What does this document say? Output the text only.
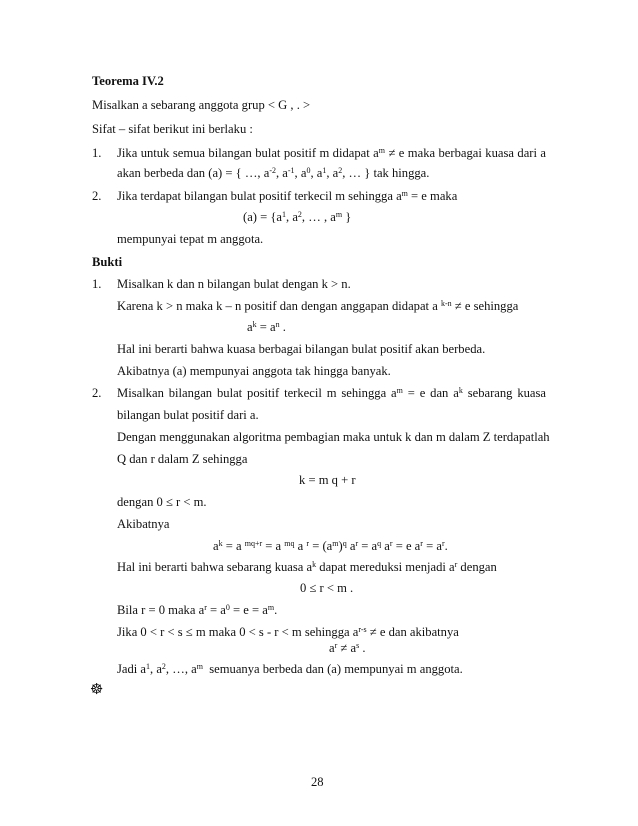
Teorema IV.2
Misalkan a sebarang anggota grup < G , . >
Sifat – sifat berikut ini berlaku :
1. Jika untuk semua bilangan bulat positif m didapat $a^m \ne e$ maka berbagai kuasa dari a
akan berbeda dan (a) = { …, $a^{-2}$, $a^{-1}$, $a^0$, $a^1$, $a^2$, … } tak hingga.
2. Jika terdapat bilangan bulat positif terkecil m sehingga $a^m = e$ maka
$(a) = \{a^1$, $a^2$, … , $a^m$ }
mempunyai tepat m anggota.
Bukti
1. Misalkan k dan n bilangan bulat dengan k > n.
Karena k > n maka k – n positif dan dengan anggapan didapat a $^{k-n}$ ≠ e sehingga
$a^k = a^n$ .
Hal ini berarti bahwa kuasa berbagai bilangan bulat positif akan berbeda.
Akibatnya (a) mempunyai anggota tak hingga banyak.
2. Misalkan bilangan bulat positif terkecil m sehingga $a^m = e$ dan $a^k$ sebarang kuasa
bilangan bulat positif dari a.
Dengan menggunakan algoritma pembagian maka untuk k dan m dalam Z terdapatlah
Q dan r dalam Z sehingga
k = m q + r
dengan 0 ≤ r < m.
Akibatnya
$a^k = a$ $^{mq+r}$ = a $^{mq}$ a $^r = (a^m)^q$ $a^r = a^q$ $a^r = e$ $a^r = a^r$.
Hal ini berarti bahwa sebarang kuasa $a^k$ dapat mereduksi menjadi $a^r$ dengan
0 ≤ r < m .
Bila r = 0 maka $a^r = a^0 = e = a^m$.
Jika 0 < r < s ≤ m maka 0 < s - r < m sehingga $a^{r-s} \ne e$ dan akibatnya
$a^r \ne a^s$ .
Jadi $a^1$, $a^2$, …, $a^m$  semuanya berbeda dan (a) mempunyai m anggota.
☸
28
